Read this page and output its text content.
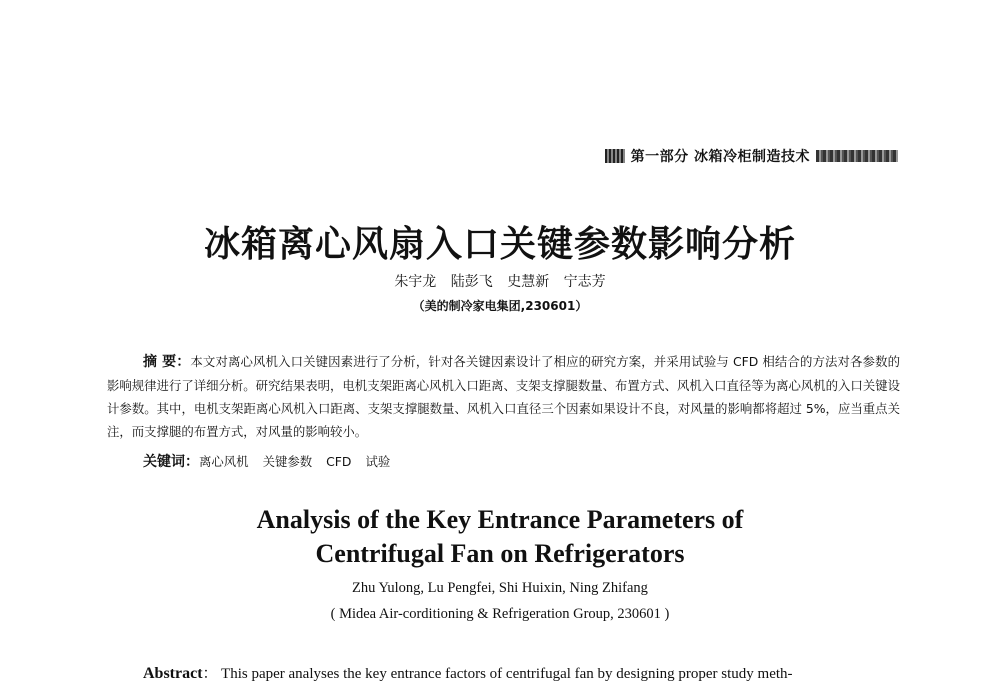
第一部分 冰箱冷柜制造技术
冰箱离心风扇入口关键参数影响分析
朱宇龙 陆彭飞 史慧新 宁志芳
（美的制冷家电集团,230601）
摘 要：本文对离心风机入口关键因素进行了分析，针对各关键因素设计了相应的研究方案，并采用试验与 CFD 相结合的方法对各参数的影响规律进行了详细分析。研究结果表明，电机支架距离心风机入口距离、支架支撑腿数量、布置方式、风机入口直径等为离心风机的入口关键设计参数。其中，电机支架距离心风机入口距离、支架支撑腿数量、风机入口直径三个因素如果设计不良，对风量的影响都将超过 5%，应当重点关注，而支撑腿的布置方式，对风量的影响较小。
关键词：离心风机 关键参数 CFD 试验
Analysis of the Key Entrance Parameters of
Centrifugal Fan on Refrigerators
Zhu Yulong, Lu Pengfei, Shi Huixin, Ning Zhifang
( Midea Air-corditioning & Refrigeration Group, 230601 )
Abstract： This paper analyses the key entrance factors of centrifugal fan by designing proper study meth-
